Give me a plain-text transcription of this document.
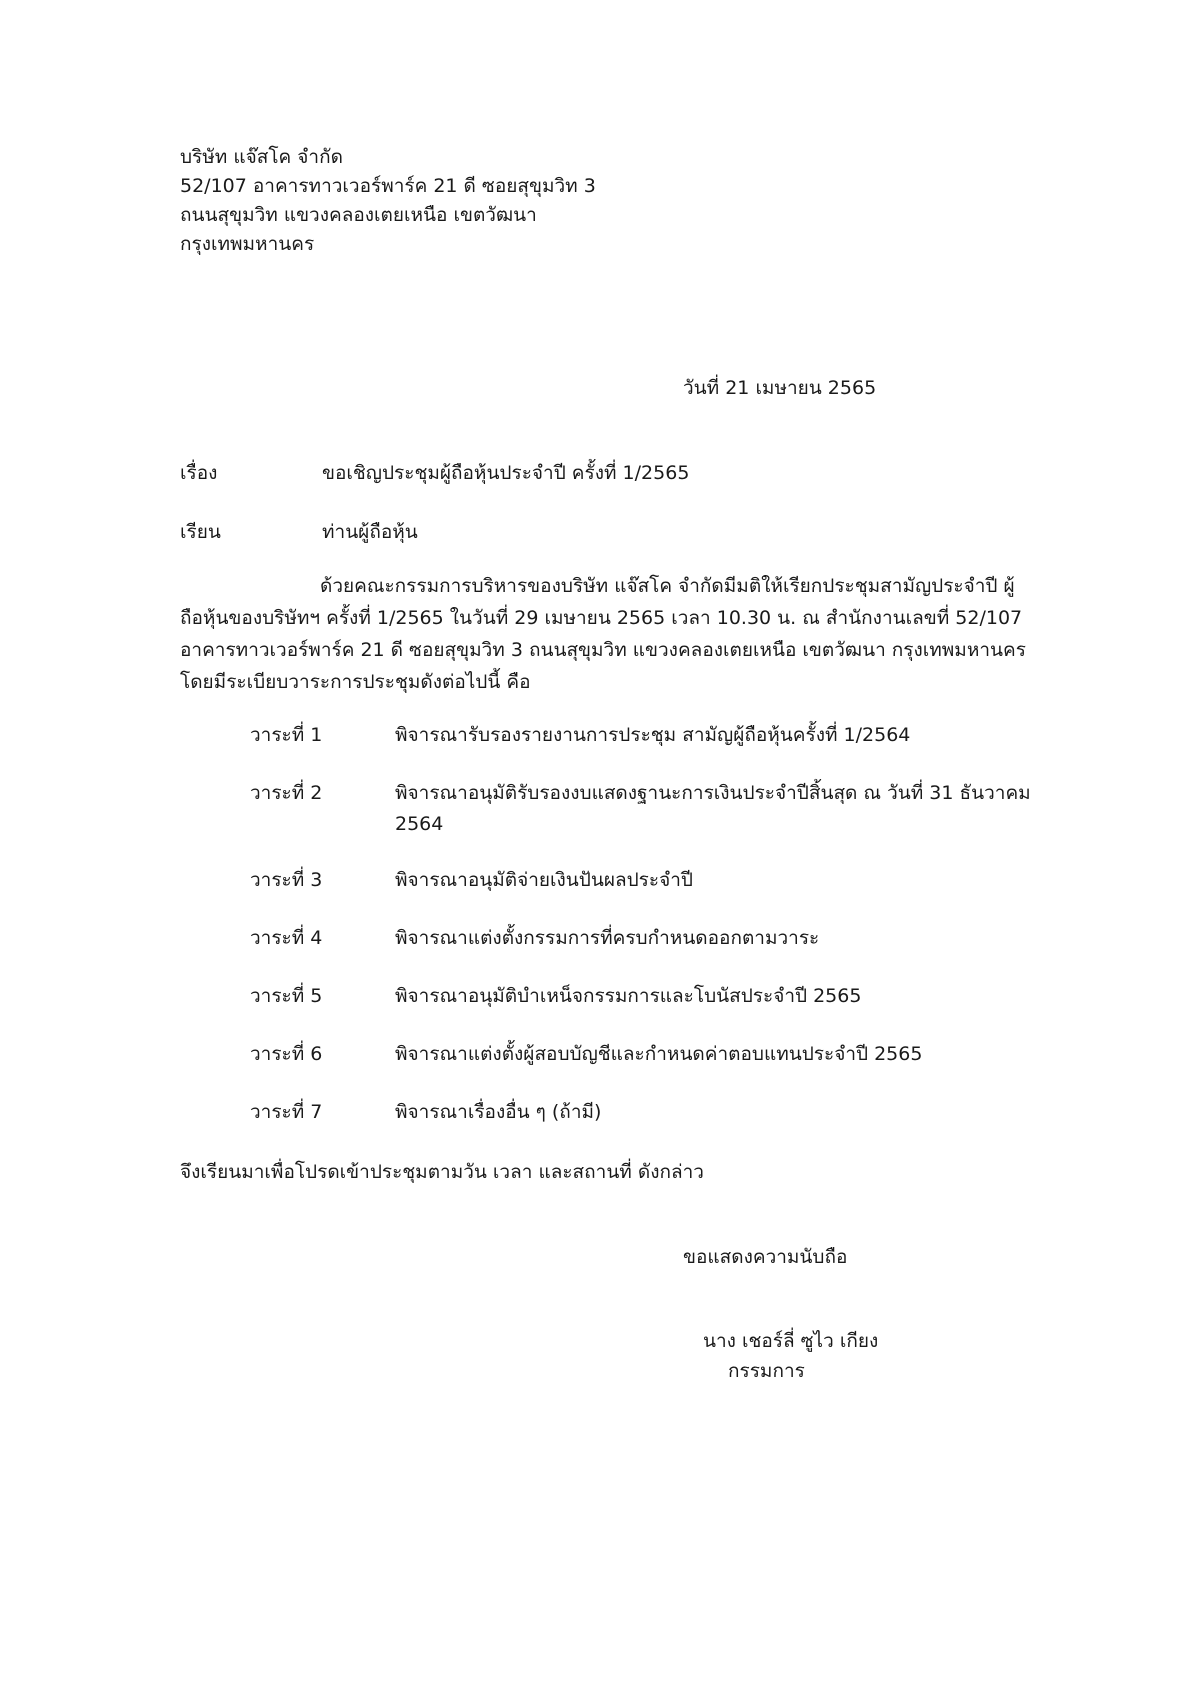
บริษัท แจ๊สโค จำกัด
52/107 อาคารทาวเวอร์พาร์ค 21 ดี ซอยสุขุมวิท 3
ถนนสุขุมวิท แขวงคลองเตยเหนือ เขตวัฒนา
กรุงเทพมหานคร
วันที่ 21 เมษายน 2565
เรื่อง	ขอเชิญประชุมผู้ถือหุ้นประจำปี ครั้งที่ 1/2565
เรียน	ท่านผู้ถือหุ้น
ด้วยคณะกรรมการบริหารของบริษัท แจ๊สโค จำกัดมีมติให้เรียกประชุมสามัญประจำปี ผู้
ถือหุ้นของบริษัทฯ ครั้งที่ 1/2565 ในวันที่ 29 เมษายน 2565 เวลา 10.30 น. ณ สำนักงานเลขที่ 52/107
อาคารทาวเวอร์พาร์ค 21 ดี ซอยสุขุมวิท 3 ถนนสุขุมวิท แขวงคลองเตยเหนือ เขตวัฒนา กรุงเทพมหานคร
โดยมีระเบียบวาระการประชุมดังต่อไปนี้ คือ
วาระที่ 1	พิจารณารับรองรายงานการประชุม สามัญผู้ถือหุ้นครั้งที่ 1/2564
วาระที่ 2	พิจารณาอนุมัติรับรองงบแสดงฐานะการเงินประจำปีสิ้นสุด ณ วันที่ 31 ธันวาคม 2564
วาระที่ 3	พิจารณาอนุมัติจ่ายเงินปันผลประจำปี
วาระที่ 4	พิจารณาแต่งตั้งกรรมการที่ครบกำหนดออกตามวาระ
วาระที่ 5	พิจารณาอนุมัติบำเหน็จกรรมการและโบนัสประจำปี 2565
วาระที่ 6	พิจารณาแต่งตั้งผู้สอบบัญชีและกำหนดค่าตอบแทนประจำปี 2565
วาระที่ 7	พิจารณาเรื่องอื่น ๆ (ถ้ามี)
จึงเรียนมาเพื่อโปรดเข้าประชุมตามวัน เวลา และสถานที่ ดังกล่าว
ขอแสดงความนับถือ
นาง เชอร์ลี่ ซูไว เกียง
กรรมการ
